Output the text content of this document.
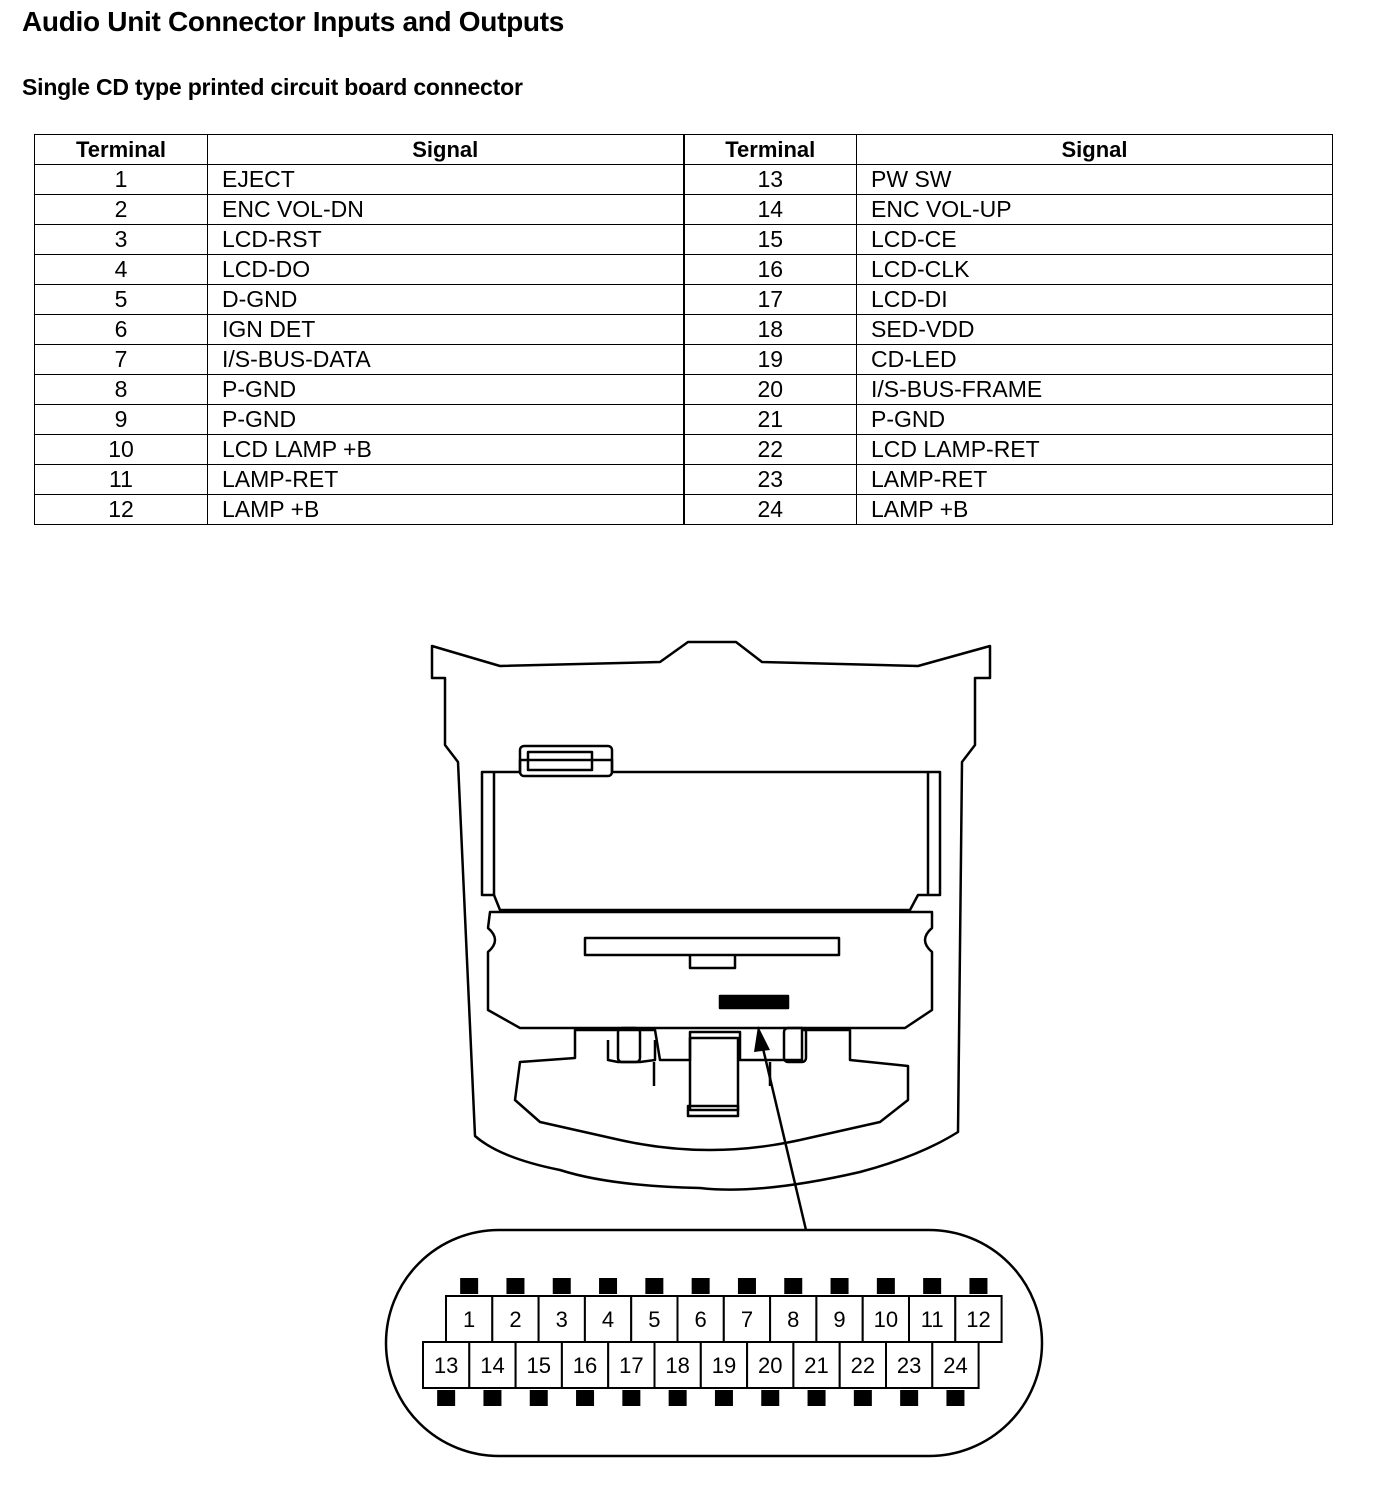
Audio Unit Connector Inputs and Outputs
Single CD type printed circuit board connector
Terminal	Signal	Terminal	Signal
1	EJECT	13	PW SW
2	ENC VOL-DN	14	ENC VOL-UP
3	LCD-RST	15	LCD-CE
4	LCD-DO	16	LCD-CLK
5	D-GND	17	LCD-DI
6	IGN DET	18	SED-VDD
7	I/S-BUS-DATA	19	CD-LED
8	P-GND	20	I/S-BUS-FRAME
9	P-GND	21	P-GND
10	LCD LAMP +B	22	LCD LAMP-RET
11	LAMP-RET	23	LAMP-RET
12	LAMP +B	24	LAMP +B
1 2 3 4 5 6 7 8 9 10 11 12
13 14 15 16 17 18 19 20 21 22 23 24
